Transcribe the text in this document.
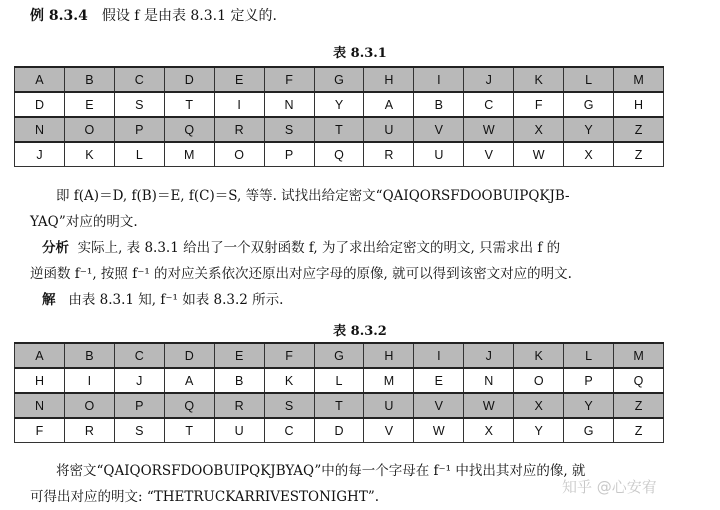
例 8.3.4 假设 f 是由表 8.3.1 定义的.
表 8.3.1
A	B	C	D	E	F	G	H	I	J	K	L	M
D	E	S	T	I	N	Y	A	B	C	F	G	H
N	O	P	Q	R	S	T	U	V	W	X	Y	Z
J	K	L	M	O	P	Q	R	U	V	W	X	Z
即 f(A)＝D, f(B)＝E, f(C)＝S, 等等. 试找出给定密文“QAIQORSFDOOBUIPQKJB-
YAQ”对应的明文.
分析 实际上, 表 8.3.1 给出了一个双射函数 f, 为了求出给定密文的明文, 只需求出 f 的
逆函数 f⁻¹, 按照 f⁻¹ 的对应关系依次还原出对应字母的原像, 就可以得到该密文对应的明文.
解 由表 8.3.1 知, f⁻¹ 如表 8.3.2 所示.
表 8.3.2
A	B	C	D	E	F	G	H	I	J	K	L	M
H	I	J	A	B	K	L	M	E	N	O	P	Q
N	O	P	Q	R	S	T	U	V	W	X	Y	Z
F	R	S	T	U	C	D	V	W	X	Y	G	Z
将密文“QAIQORSFDOOBUIPQKJBYAQ”中的每一个字母在 f⁻¹ 中找出其对应的像, 就
可得出对应的明文: “THETRUCKARRIVESTONIGHT”.
知乎 @心安宥
